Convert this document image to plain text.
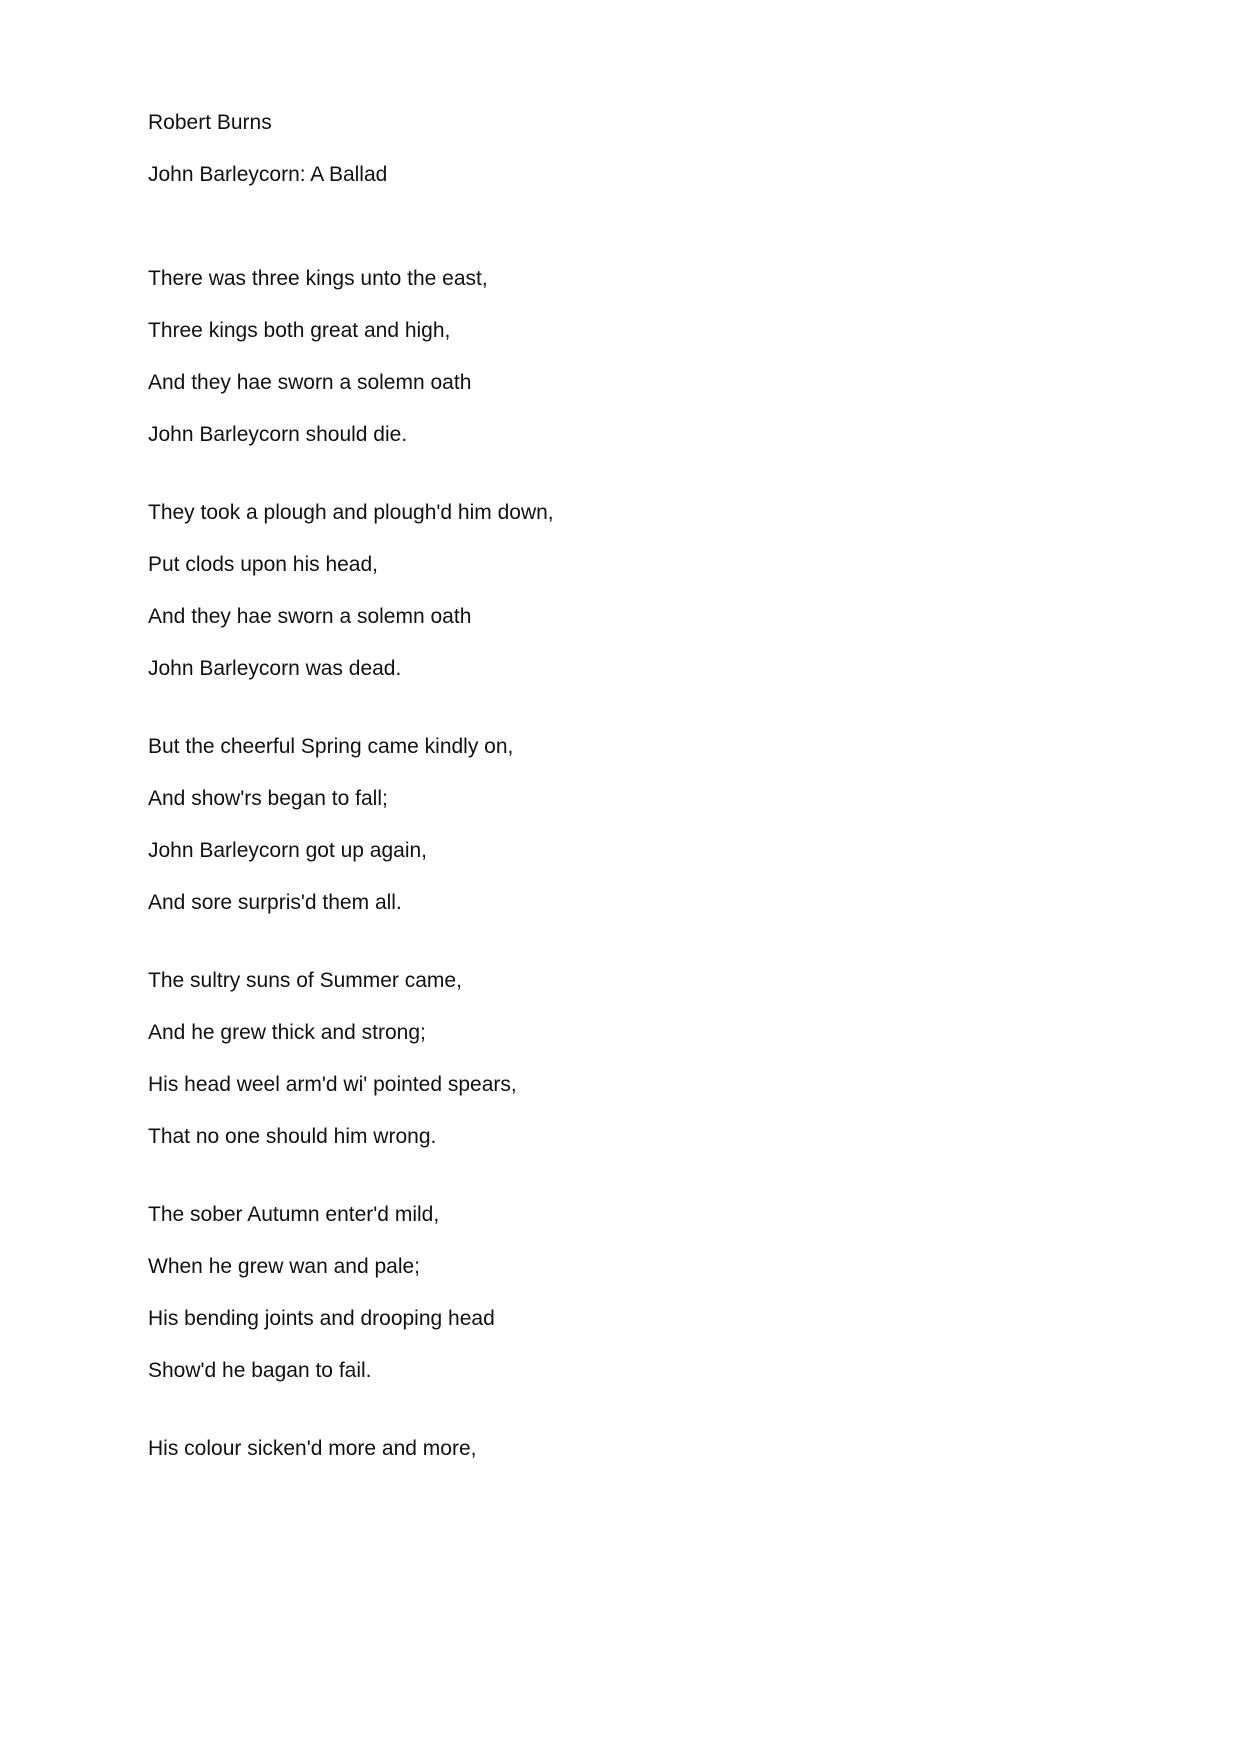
Robert Burns
John Barleycorn: A Ballad
There was three kings unto the east,
Three kings both great and high,
And they hae sworn a solemn oath
John Barleycorn should die.
They took a plough and plough'd him down,
Put clods upon his head,
And they hae sworn a solemn oath
John Barleycorn was dead.
But the cheerful Spring came kindly on,
And show'rs began to fall;
John Barleycorn got up again,
And sore surpris'd them all.
The sultry suns of Summer came,
And he grew thick and strong;
His head weel arm'd wi' pointed spears,
That no one should him wrong.
The sober Autumn enter'd mild,
When he grew wan and pale;
His bending joints and drooping head
Show'd he bagan to fail.
His colour sicken'd more and more,
